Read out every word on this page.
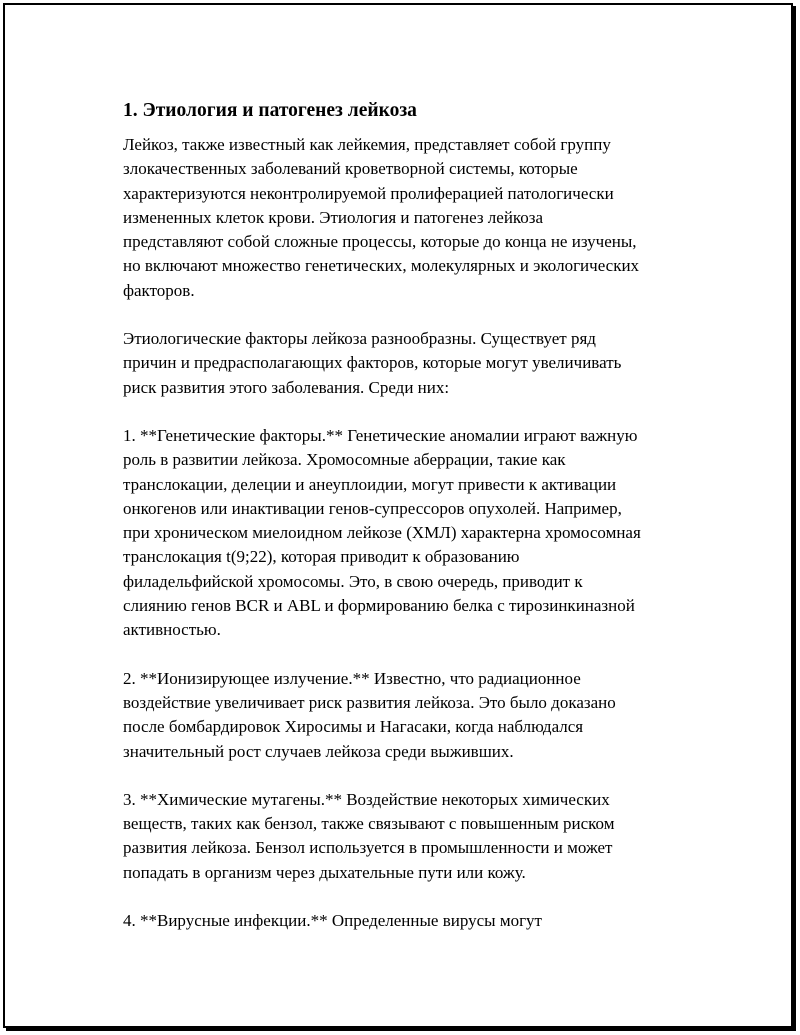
1. Этиология и патогенез лейкоза

Лейкоз, также известный как лейкемия, представляет собой группу
злокачественных заболеваний кроветворной системы, которые
характеризуются неконтролируемой пролиферацией патологически
измененных клеток крови. Этиология и патогенез лейкоза
представляют собой сложные процессы, которые до конца не изучены,
но включают множество генетических, молекулярных и экологических
факторов.

Этиологические факторы лейкоза разнообразны. Существует ряд
причин и предрасполагающих факторов, которые могут увеличивать
риск развития этого заболевания. Среди них:

1. **Генетические факторы.** Генетические аномалии играют важную
роль в развитии лейкоза. Хромосомные аберрации, такие как
транслокации, делеции и анеуплоидии, могут привести к активации
онкогенов или инактивации генов-супрессоров опухолей. Например,
при хроническом миелоидном лейкозе (ХМЛ) характерна хромосомная
транслокация t(9;22), которая приводит к образованию
филадельфийской хромосомы. Это, в свою очередь, приводит к
слиянию генов BCR и ABL и формированию белка с тирозинкиназной
активностью.

2. **Ионизирующее излучение.** Известно, что радиационное
воздействие увеличивает риск развития лейкоза. Это было доказано
после бомбардировок Хиросимы и Нагасаки, когда наблюдался
значительный рост случаев лейкоза среди выживших.

3. **Химические мутагены.** Воздействие некоторых химических
веществ, таких как бензол, также связывают с повышенным риском
развития лейкоза. Бензол используется в промышленности и может
попадать в организм через дыхательные пути или кожу.

4. **Вирусные инфекции.** Определенные вирусы могут
